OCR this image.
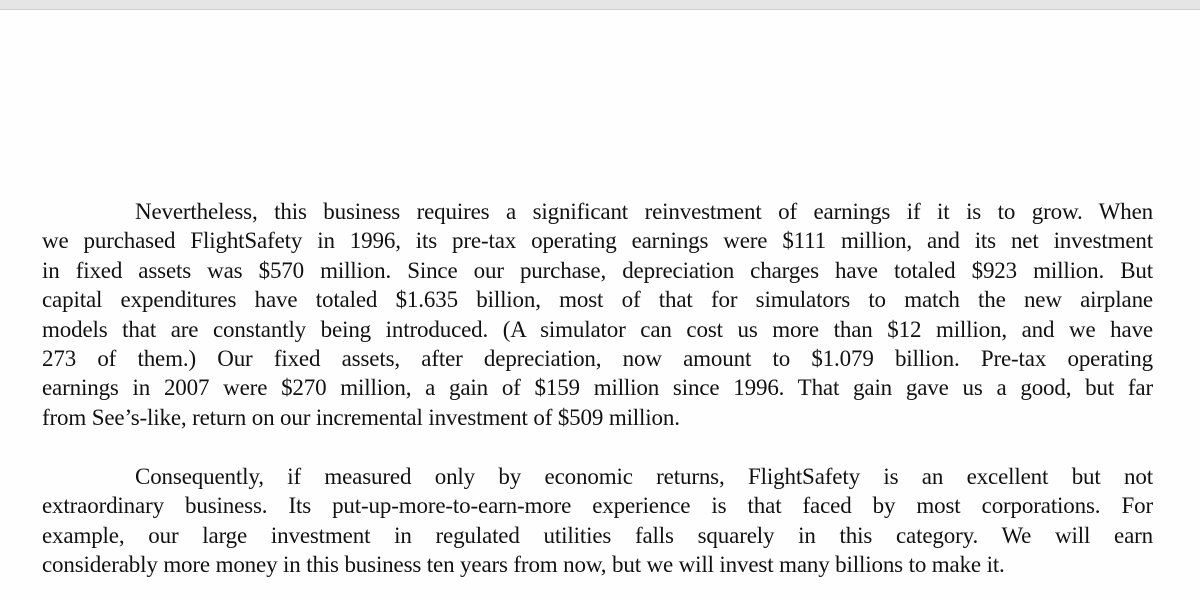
Nevertheless, this business requires a significant reinvestment of earnings if it is to grow. When
we purchased FlightSafety in 1996, its pre-tax operating earnings were $111 million, and its net investment
in fixed assets was $570 million. Since our purchase, depreciation charges have totaled $923 million. But
capital expenditures have totaled $1.635 billion, most of that for simulators to match the new airplane
models that are constantly being introduced. (A simulator can cost us more than $12 million, and we have
273 of them.) Our fixed assets, after depreciation, now amount to $1.079 billion. Pre-tax operating
earnings in 2007 were $270 million, a gain of $159 million since 1996. That gain gave us a good, but far
from See’s-like, return on our incremental investment of $509 million.
Consequently, if measured only by economic returns, FlightSafety is an excellent but not
extraordinary business. Its put-up-more-to-earn-more experience is that faced by most corporations. For
example, our large investment in regulated utilities falls squarely in this category. We will earn
considerably more money in this business ten years from now, but we will invest many billions to make it.
